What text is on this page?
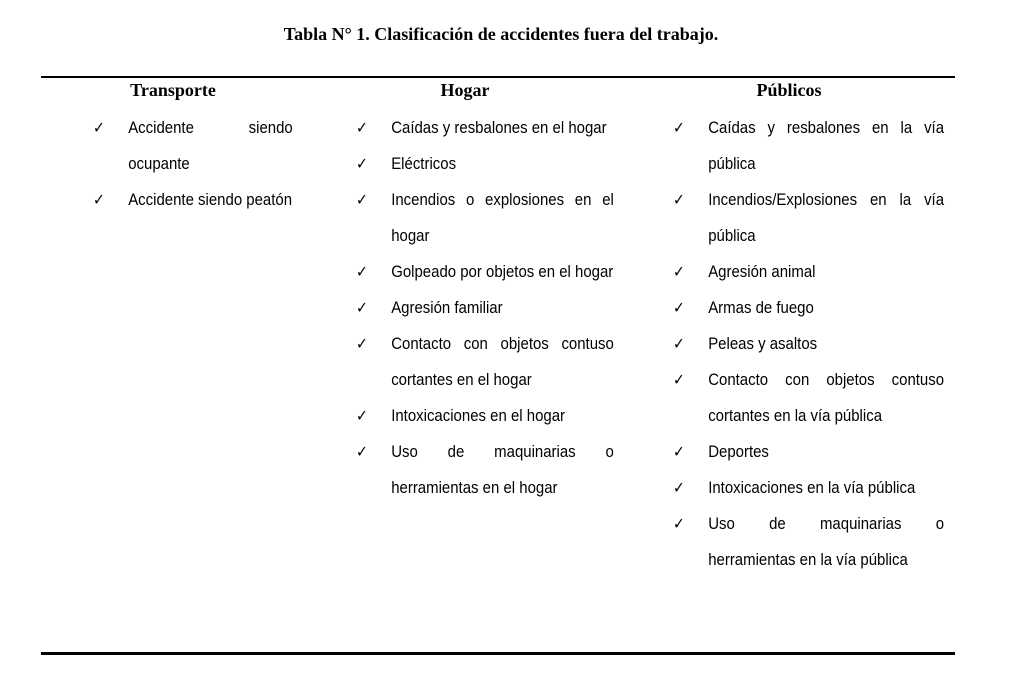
Tabla N° 1. Clasificación de accidentes fuera del trabajo.
Transporte	Hogar	Públicos
✓ Accidente siendo ocupante
✓ Accidente siendo peatón
✓ Caídas y resbalones en el hogar
✓ Eléctricos
✓ Incendios o explosiones en el hogar
✓ Golpeado por objetos en el hogar
✓ Agresión familiar
✓ Contacto con objetos contuso cortantes en el hogar
✓ Intoxicaciones en el hogar
✓ Uso de maquinarias o herramientas en el hogar
✓ Caídas y resbalones en la vía pública
✓ Incendios/Explosiones en la vía pública
✓ Agresión animal
✓ Armas de fuego
✓ Peleas y asaltos
✓ Contacto con objetos contuso cortantes en la vía pública
✓ Deportes
✓ Intoxicaciones en la vía pública
✓ Uso de maquinarias o herramientas en la vía pública
